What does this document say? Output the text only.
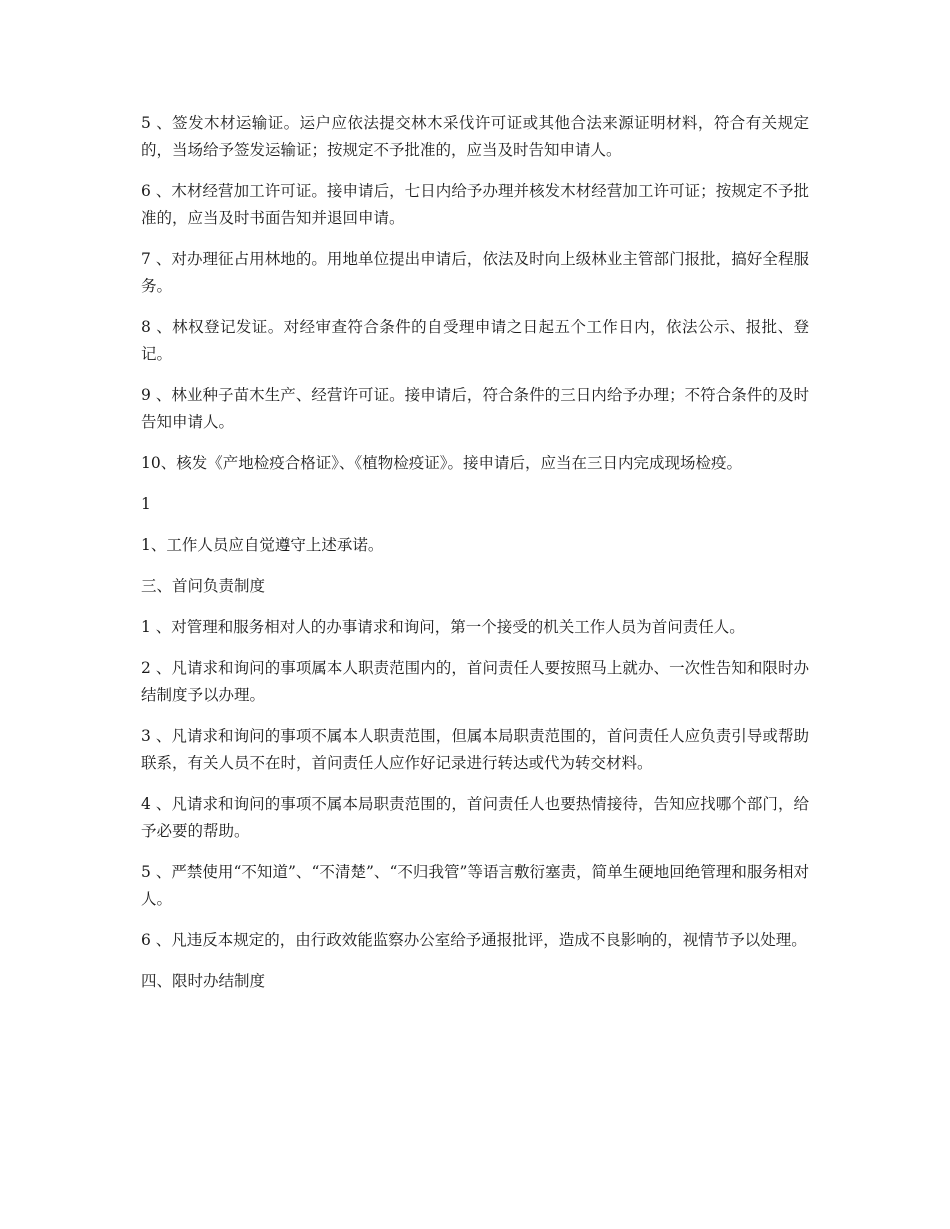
5 、签发木材运输证。运户应依法提交林木采伐许可证或其他合法来源证明材料，符合有关规定的，当场给予签发运输证；按规定不予批准的，应当及时告知申请人。

6 、木材经营加工许可证。接申请后，七日内给予办理并核发木材经营加工许可证；按规定不予批准的，应当及时书面告知并退回申请。

7 、对办理征占用林地的。用地单位提出申请后，依法及时向上级林业主管部门报批，搞好全程服务。

8 、林权登记发证。对经审查符合条件的自受理申请之日起五个工作日内，依法公示、报批、登记。

9 、林业种子苗木生产、经营许可证。接申请后，符合条件的三日内给予办理；不符合条件的及时告知申请人。

10、核发《产地检疫合格证》、《植物检疫证》。接申请后，应当在三日内完成现场检疫。

1

1、工作人员应自觉遵守上述承诺。

三、首问负责制度

1 、对管理和服务相对人的办事请求和询问，第一个接受的机关工作人员为首问责任人。

2 、凡请求和询问的事项属本人职责范围内的，首问责任人要按照马上就办、一次性告知和限时办结制度予以办理。

3 、凡请求和询问的事项不属本人职责范围，但属本局职责范围的，首问责任人应负责引导或帮助联系，有关人员不在时，首问责任人应作好记录进行转达或代为转交材料。

4 、凡请求和询问的事项不属本局职责范围的，首问责任人也要热情接待，告知应找哪个部门，给予必要的帮助。

5 、严禁使用“不知道”、“不清楚”、“不归我管”等语言敷衍塞责，简单生硬地回绝管理和服务相对人。

6 、凡违反本规定的，由行政效能监察办公室给予通报批评，造成不良影响的，视情节予以处理。

四、限时办结制度
